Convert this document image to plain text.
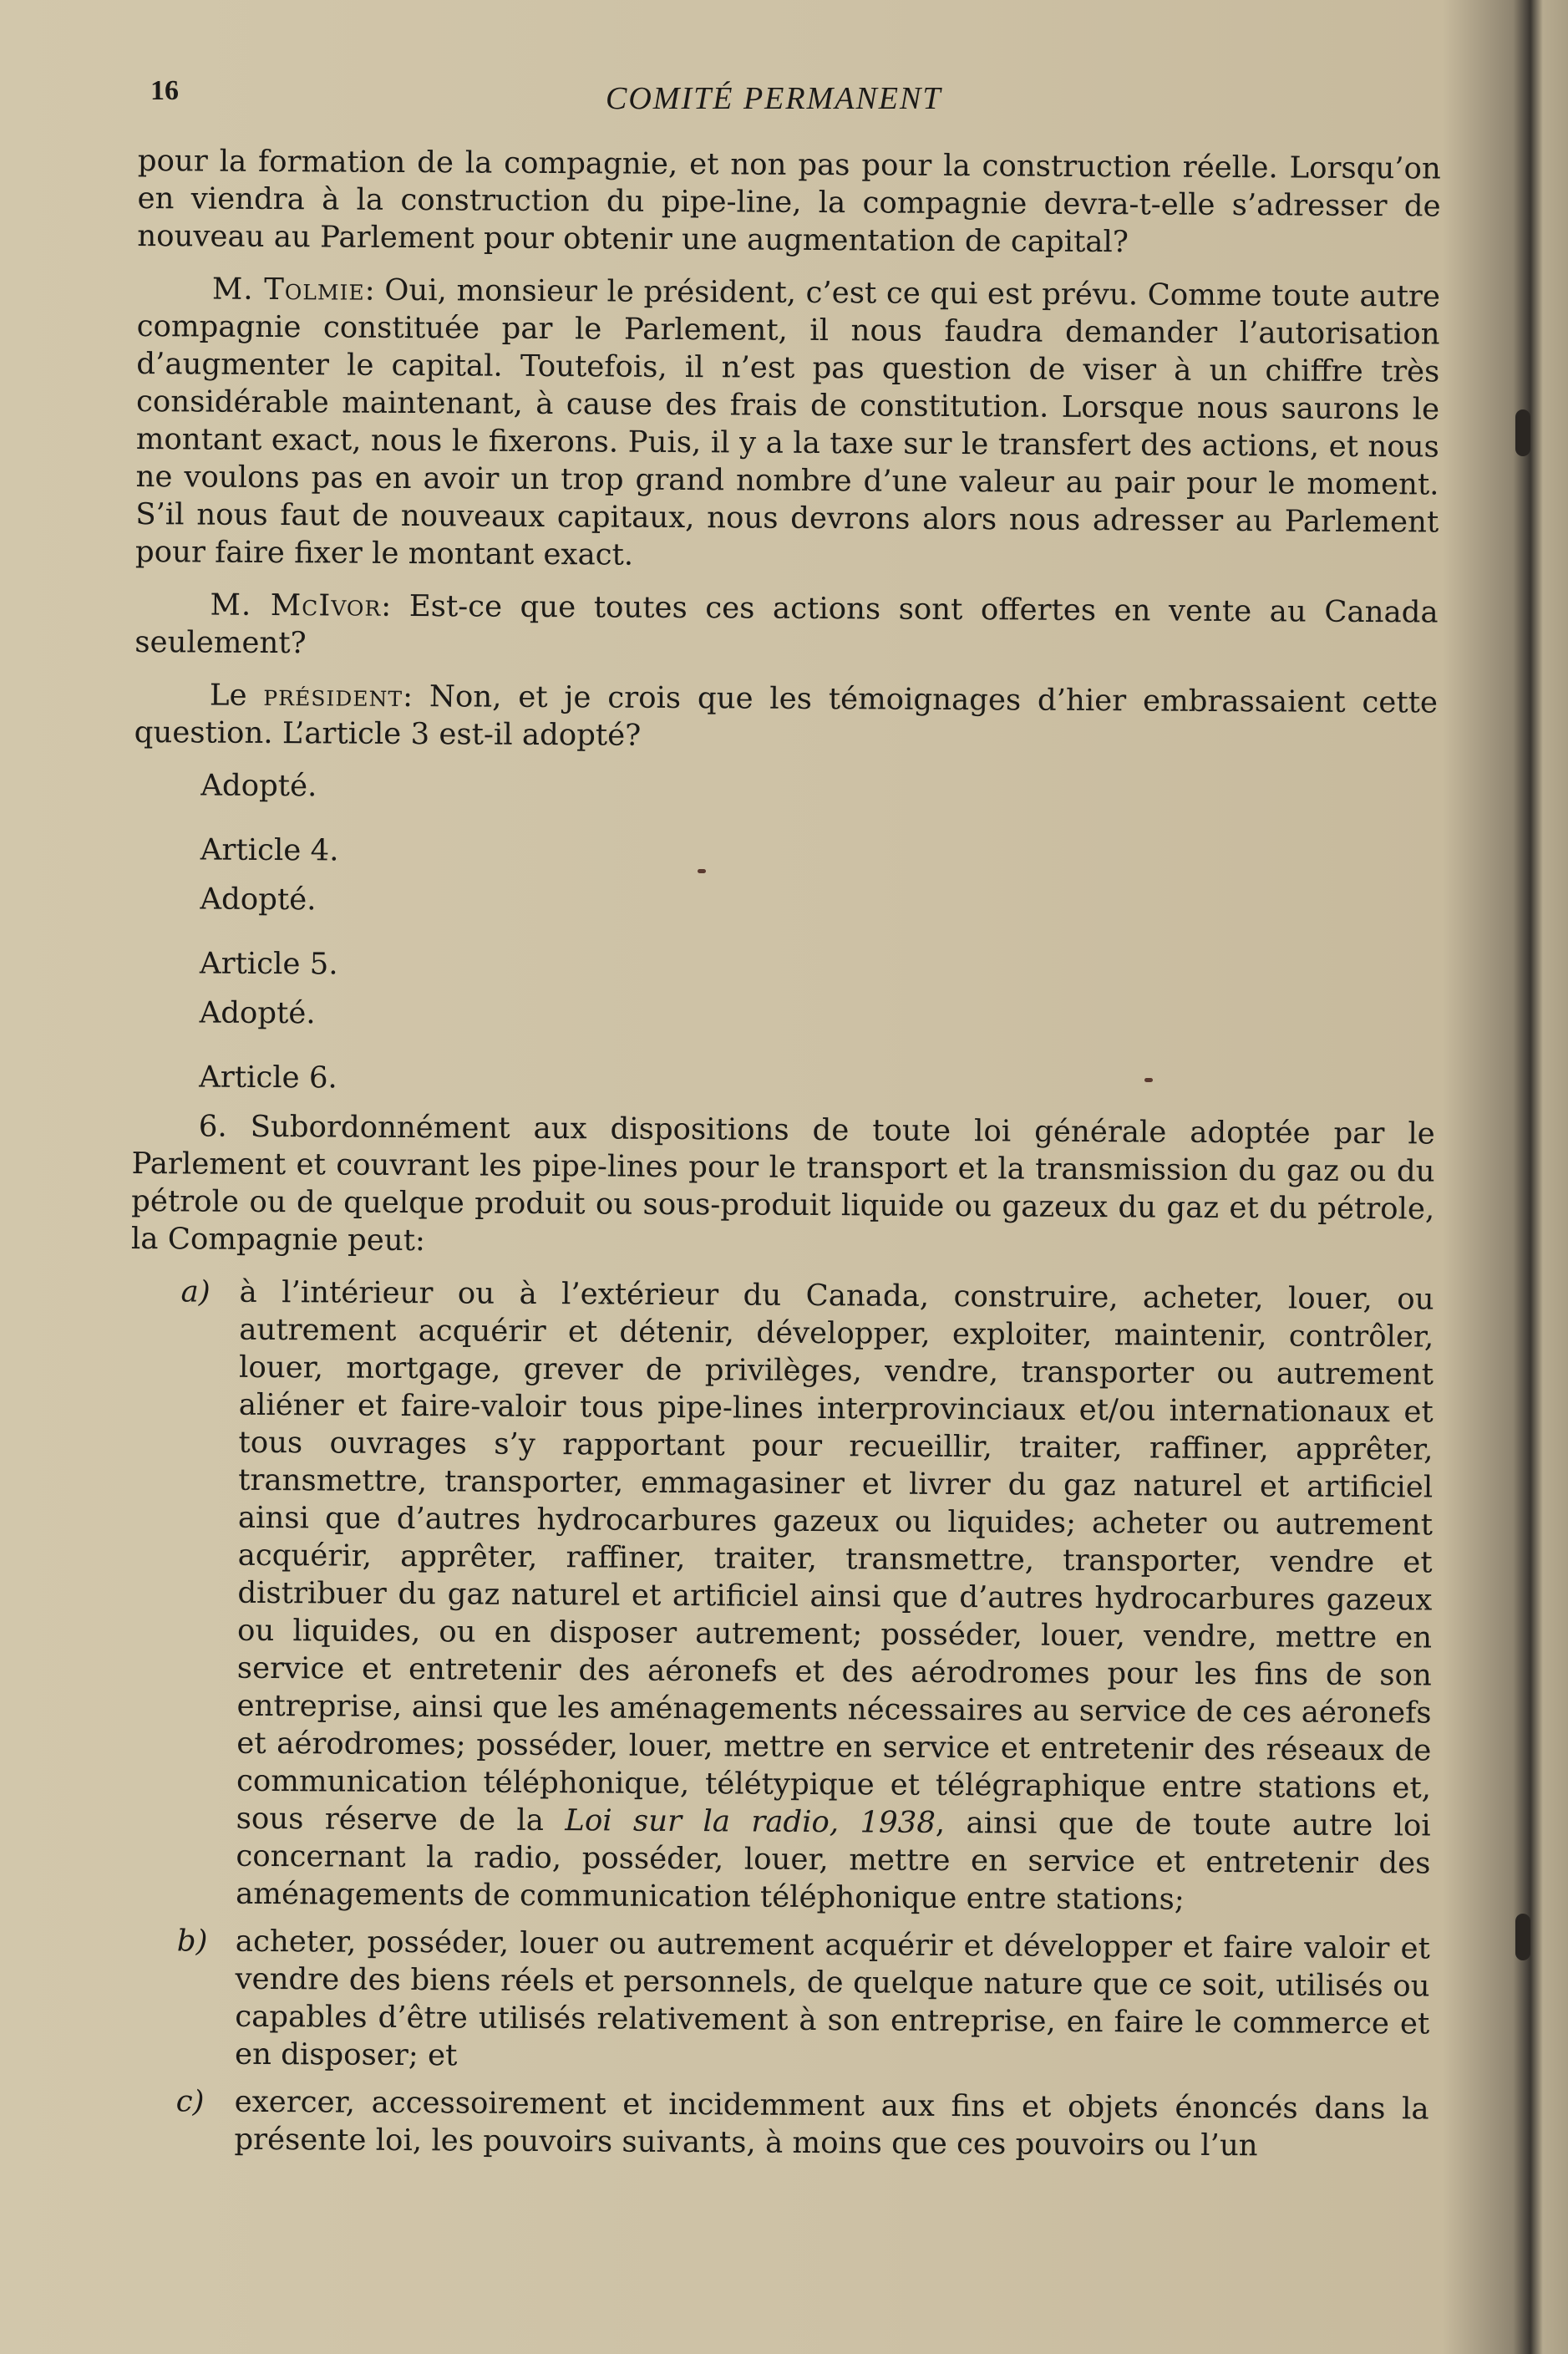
16	COMITÉ PERMANENT

pour la formation de la compagnie, et non pas pour la construction réelle. Lorsqu’on en viendra à la construction du pipe-line, la compagnie devra-t-elle s’adresser de nouveau au Parlement pour obtenir une augmentation de capital?

M. Tolmie: Oui, monsieur le président, c’est ce qui est prévu. Comme toute autre compagnie constituée par le Parlement, il nous faudra demander l’autorisation d’augmenter le capital. Toutefois, il n’est pas question de viser à un chiffre très considérable maintenant, à cause des frais de constitution. Lorsque nous saurons le montant exact, nous le fixerons. Puis, il y a la taxe sur le transfert des actions, et nous ne voulons pas en avoir un trop grand nombre d’une valeur au pair pour le moment. S’il nous faut de nouveaux capitaux, nous devrons alors nous adresser au Parlement pour faire fixer le montant exact.

M. McIvor: Est-ce que toutes ces actions sont offertes en vente au Canada seulement?

Le président: Non, et je crois que les témoignages d’hier embrassaient cette question. L’article 3 est-il adopté?

Adopté.

Article 4.

Adopté.

Article 5.

Adopté.

Article 6.

6. Subordonnément aux dispositions de toute loi générale adoptée par le Parlement et couvrant les pipe-lines pour le transport et la transmission du gaz ou du pétrole ou de quelque produit ou sous-produit liquide ou gazeux du gaz et du pétrole, la Compagnie peut:

a) à l’intérieur ou à l’extérieur du Canada, construire, acheter, louer, ou autrement acquérir et détenir, développer, exploiter, maintenir, contrôler, louer, mortgage, grever de privilèges, vendre, transporter ou autrement aliéner et faire-valoir tous pipe-lines interprovinciaux et/ou internationaux et tous ouvrages s’y rapportant pour recueillir, traiter, raffiner, apprêter, transmettre, transporter, emmagasiner et livrer du gaz naturel et artificiel ainsi que d’autres hydrocarbures gazeux ou liquides; acheter ou autrement acquérir, apprêter, raffiner, traiter, transmettre, transporter, vendre et distribuer du gaz naturel et artificiel ainsi que d’autres hydrocarbures gazeux ou liquides, ou en disposer autrement; posséder, louer, vendre, mettre en service et entretenir des aéronefs et des aérodromes pour les fins de son entreprise, ainsi que les aménagements nécessaires au service de ces aéronefs et aérodromes; posséder, louer, mettre en service et entretenir des réseaux de communication téléphonique, télétypique et télégraphique entre stations et, sous réserve de la Loi sur la radio, 1938, ainsi que de toute autre loi concernant la radio, posséder, louer, mettre en service et entretenir des aménagements de communication téléphonique entre stations;
b) acheter, posséder, louer ou autrement acquérir et développer et faire valoir et vendre des biens réels et personnels, de quelque nature que ce soit, utilisés ou capables d’être utilisés relativement à son entreprise, en faire le commerce et en disposer; et
c)	exercer, accessoirement et incidemment aux fins et objets énoncés dans la présente loi, les pouvoirs suivants, à moins que ces pouvoirs ou l’un
